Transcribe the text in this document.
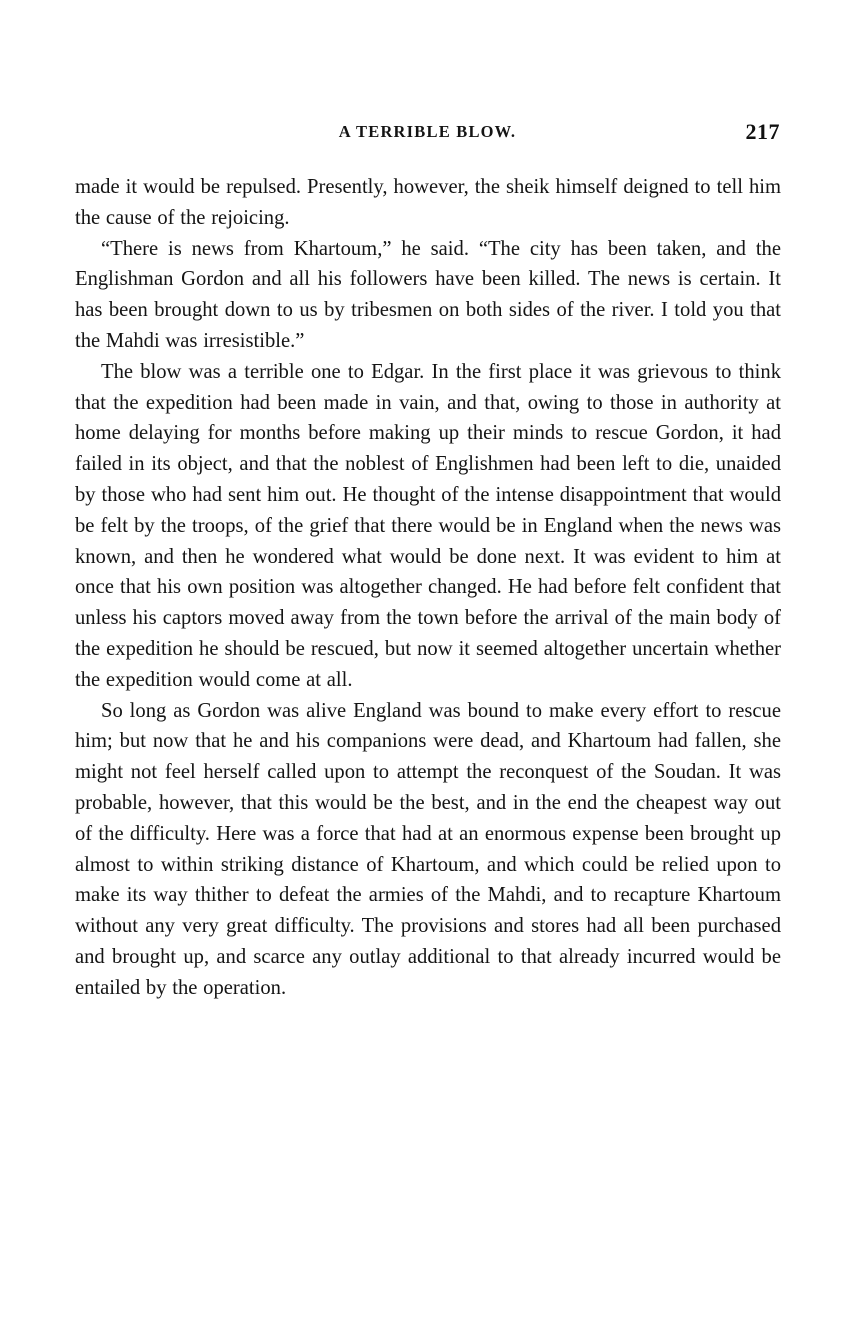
A TERRIBLE BLOW.	217

made it would be repulsed. Presently, however, the sheik himself deigned to tell him the cause of the rejoicing.

“There is news from Khartoum,” he said. “The city has been taken, and the Englishman Gordon and all his followers have been killed. The news is certain. It has been brought down to us by tribesmen on both sides of the river. I told you that the Mahdi was irresistible.”

The blow was a terrible one to Edgar. In the first place it was grievous to think that the expedition had been made in vain, and that, owing to those in authority at home delaying for months before making up their minds to rescue Gordon, it had failed in its object, and that the noblest of Englishmen had been left to die, unaided by those who had sent him out. He thought of the intense disappointment that would be felt by the troops, of the grief that there would be in England when the news was known, and then he wondered what would be done next. It was evident to him at once that his own position was altogether changed. He had before felt confident that unless his captors moved away from the town before the arrival of the main body of the expedition he should be rescued, but now it seemed altogether uncertain whether the expedition would come at all.

So long as Gordon was alive England was bound to make every effort to rescue him; but now that he and his companions were dead, and Khartoum had fallen, she might not feel herself called upon to attempt the reconquest of the Soudan. It was probable, however, that this would be the best, and in the end the cheapest way out of the difficulty. Here was a force that had at an enormous expense been brought up almost to within striking distance of Khartoum, and which could be relied upon to make its way thither to defeat the armies of the Mahdi, and to recapture Khartoum without any very great difficulty. The provisions and stores had all been purchased and brought up, and scarce any outlay additional to that already incurred would be entailed by the operation.
